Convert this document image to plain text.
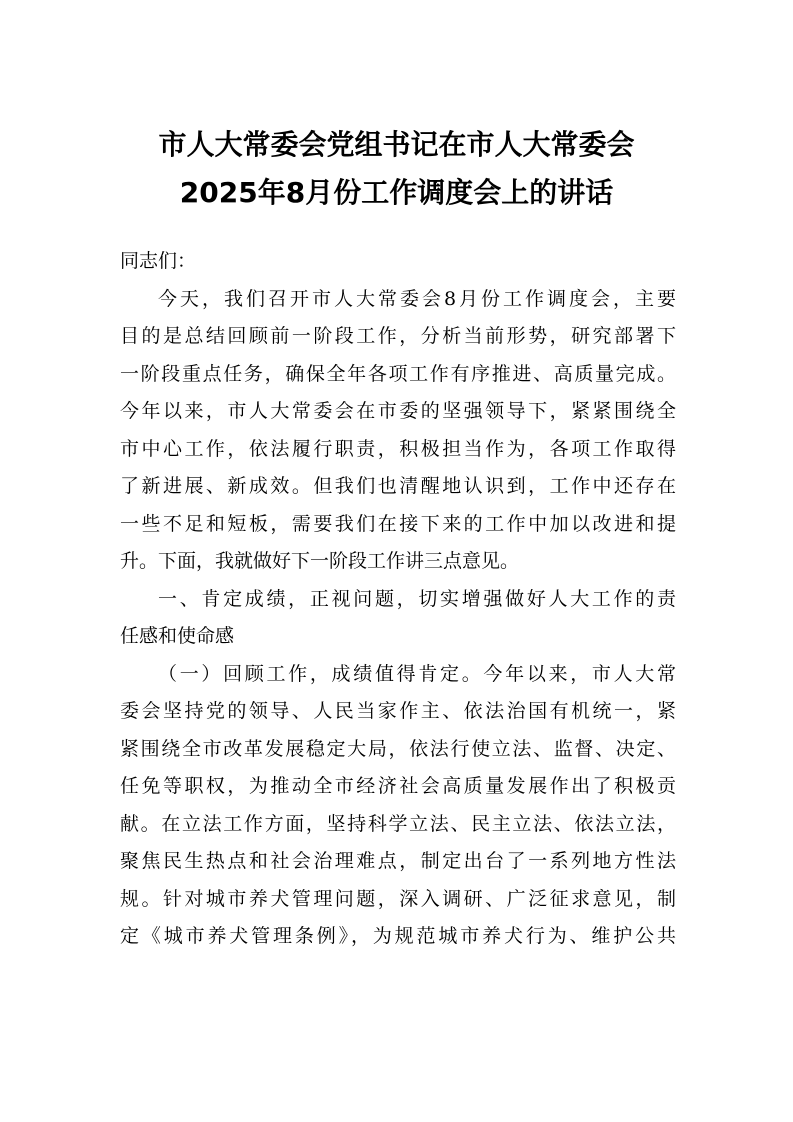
市人大常委会党组书记在市人大常委会
2025年8月份工作调度会上的讲话
同志们：
今天，我们召开市人大常委会8月份工作调度会，主要
目的是总结回顾前一阶段工作，分析当前形势，研究部署下
一阶段重点任务，确保全年各项工作有序推进、高质量完成。
今年以来，市人大常委会在市委的坚强领导下，紧紧围绕全
市中心工作，依法履行职责，积极担当作为，各项工作取得
了新进展、新成效。但我们也清醒地认识到，工作中还存在
一些不足和短板，需要我们在接下来的工作中加以改进和提
升。下面，我就做好下一阶段工作讲三点意见。
一、肯定成绩，正视问题，切实增强做好人大工作的责
任感和使命感
（一）回顾工作，成绩值得肯定。今年以来，市人大常
委会坚持党的领导、人民当家作主、依法治国有机统一，紧
紧围绕全市改革发展稳定大局，依法行使立法、监督、决定、
任免等职权，为推动全市经济社会高质量发展作出了积极贡
献。在立法工作方面，坚持科学立法、民主立法、依法立法，
聚焦民生热点和社会治理难点，制定出台了一系列地方性法
规。针对城市养犬管理问题，深入调研、广泛征求意见，制
定《城市养犬管理条例》，为规范城市养犬行为、维护公共
